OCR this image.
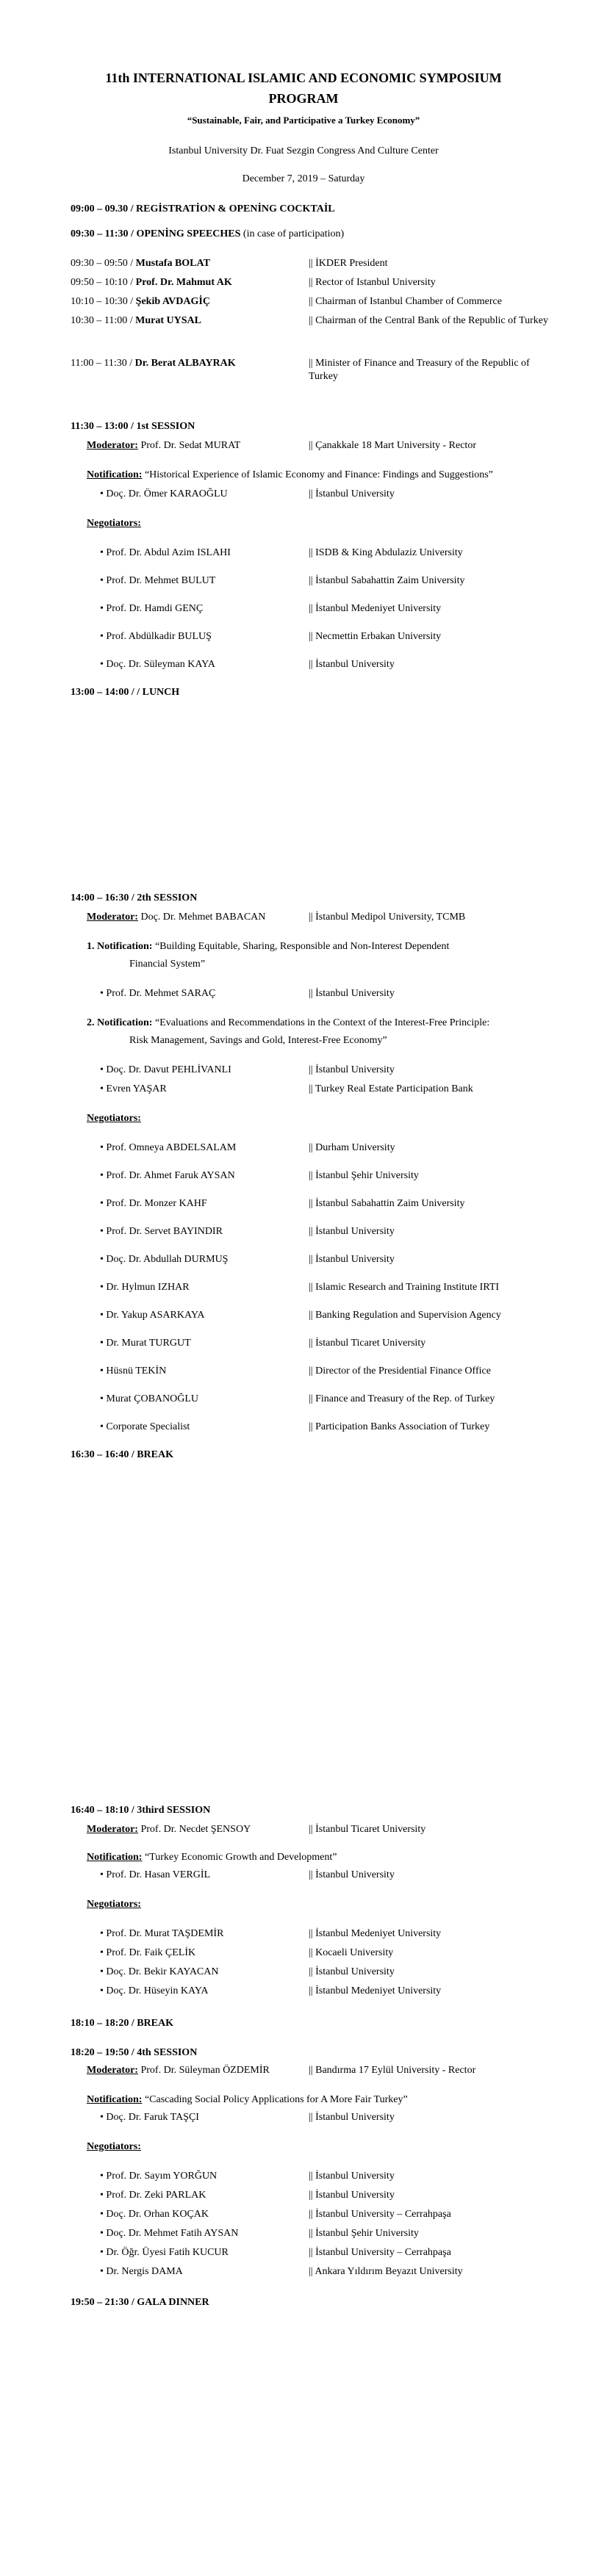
11th INTERNATIONAL ISLAMIC AND ECONOMIC SYMPOSIUM
PROGRAM
“Sustainable, Fair, and Participative a Turkey Economy”
Istanbul University Dr. Fuat Sezgin Congress And Culture Center
December 7, 2019 – Saturday
09:00 – 09.30 / REGİSTRATİON & OPENİNG COCKTAİL
09:30 – 11:30 / OPENİNG SPEECHES (in case of participation)
09:30 – 09:50 / Mustafa BOLAT	|| İKDER President
09:50 – 10:10 / Prof. Dr. Mahmut AK	|| Rector of Istanbul University
10:10 – 10:30 / Şekib AVDAGİÇ	|| Chairman of Istanbul Chamber of Commerce
10:30 – 11:00 / Murat UYSAL	|| Chairman of the Central Bank of the Republic of Turkey
11:00 – 11:30 / Dr. Berat ALBAYRAK	|| Minister of Finance and Treasury of the Republic of Turkey
11:30 – 13:00 / 1st SESSION
Moderator: Prof. Dr. Sedat MURAT	|| Çanakkale 18 Mart University - Rector
Notification: “Historical Experience of Islamic Economy and Finance: Findings and Suggestions”
• Doç. Dr. Ömer KARAOĞLU	|| İstanbul University
Negotiators:
• Prof. Dr. Abdul Azim ISLAHI	|| ISDB & King Abdulaziz University
• Prof. Dr. Mehmet BULUT	|| İstanbul Sabahattin Zaim University
• Prof. Dr. Hamdi GENÇ	|| İstanbul Medeniyet University
• Prof. Abdülkadir BULUŞ	|| Necmettin Erbakan University
• Doç. Dr. Süleyman KAYA	|| İstanbul University
13:00 – 14:00 / / LUNCH
14:00 – 16:30 / 2th SESSION
Moderator: Doç. Dr. Mehmet BABACAN	|| İstanbul Medipol University, TCMB
1. Notification: “Building Equitable, Sharing, Responsible and Non-Interest Dependent
Financial System”
• Prof. Dr. Mehmet SARAÇ	|| İstanbul University
2. Notification: “Evaluations and Recommendations in the Context of the Interest-Free Principle:
Risk Management, Savings and Gold, Interest-Free Economy”
• Doç. Dr. Davut PEHLİVANLI	|| İstanbul University
• Evren YAŞAR	|| Turkey Real Estate Participation Bank
Negotiators:
• Prof. Omneya ABDELSALAM	|| Durham University
• Prof. Dr. Ahmet Faruk AYSAN	|| İstanbul Şehir University
• Prof. Dr. Monzer KAHF	|| İstanbul Sabahattin Zaim University
• Prof. Dr. Servet BAYINDIR	|| İstanbul University
• Doç. Dr. Abdullah DURMUŞ	|| İstanbul University
• Dr. Hylmun IZHAR	|| Islamic Research and Training Institute IRTI
• Dr. Yakup ASARKAYA	|| Banking Regulation and Supervision Agency
• Dr. Murat TURGUT	|| İstanbul Ticaret University
• Hüsnü TEKİN	|| Director of the Presidential Finance Office
• Murat ÇOBANOĞLU	|| Finance and Treasury of the Rep. of Turkey
• Corporate Specialist	|| Participation Banks Association of Turkey
16:30 – 16:40 / BREAK
16:40 – 18:10 / 3third SESSION
Moderator: Prof. Dr. Necdet ŞENSOY	|| İstanbul Ticaret University
Notification: “Turkey Economic Growth and Development”
• Prof. Dr. Hasan VERGİL	|| İstanbul University
Negotiators:
• Prof. Dr. Murat TAŞDEMİR	|| İstanbul Medeniyet University
• Prof. Dr. Faik ÇELİK	|| Kocaeli University
• Doç. Dr. Bekir KAYACAN	|| İstanbul University
• Doç. Dr. Hüseyin KAYA	|| İstanbul Medeniyet University
18:10 – 18:20 / BREAK
18:20 – 19:50 / 4th SESSION
Moderator: Prof. Dr. Süleyman ÖZDEMİR	|| Bandırma 17 Eylül University - Rector
Notification: “Cascading Social Policy Applications for A More Fair Turkey”
• Doç. Dr. Faruk TAŞÇI	|| İstanbul University
Negotiators:
• Prof. Dr. Sayım YORĞUN	|| İstanbul University
• Prof. Dr. Zeki PARLAK	|| İstanbul University
• Doç. Dr. Orhan KOÇAK	|| İstanbul University – Cerrahpaşa
• Doç. Dr. Mehmet Fatih AYSAN	|| İstanbul Şehir University
• Dr. Öğr. Üyesi Fatih KUCUR	|| İstanbul University – Cerrahpaşa
• Dr. Nergis DAMA	|| Ankara Yıldırım Beyazıt University
19:50 – 21:30 / GALA DINNER
